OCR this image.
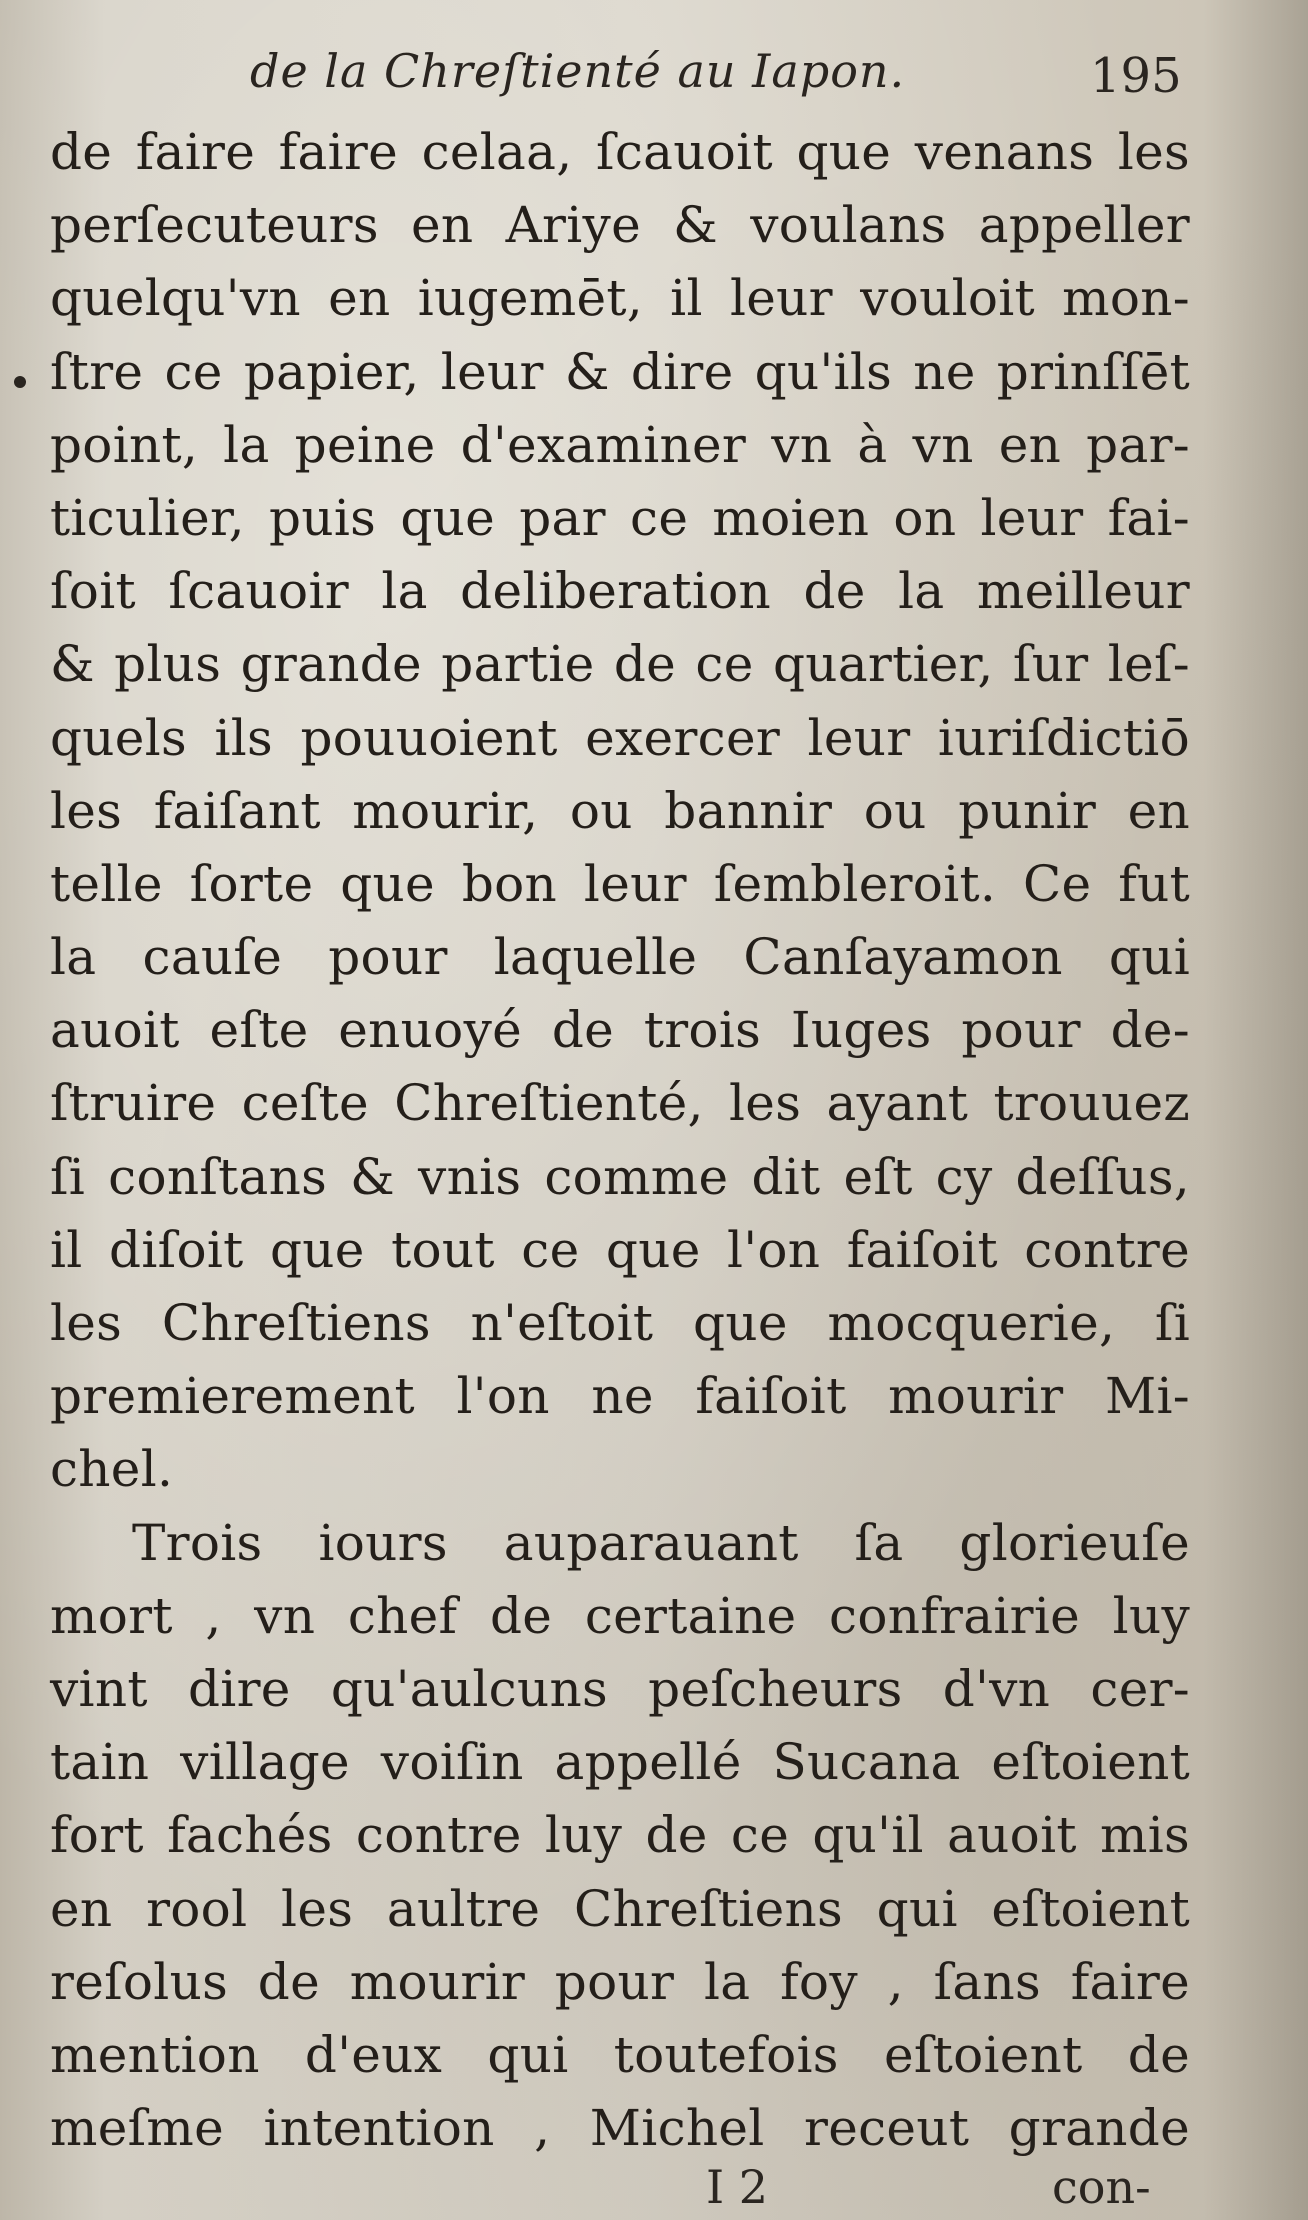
de la Chreſtienté au Iapon.	195
de faire faire celaa, ſcauoit que venans les
perſecuteurs en Ariye & voulans appeller
quelqu'vn en iugemēt, il leur vouloit mon-
ſtre ce papier, leur & dire qu'ils ne prinſſēt
point, la peine d'examiner vn à vn en par-
ticulier, puis que par ce moien on leur fai-
ſoit ſcauoir la deliberation de la meilleur
& plus grande partie de ce quartier, ſur leſ-
quels ils pouuoient exercer leur iuriſdictiō
les faiſant mourir, ou bannir ou punir en
telle ſorte que bon leur ſembleroit. Ce fut
la cauſe pour laquelle Canſayamon qui
auoit eſte enuoyé de trois Iuges pour de-
ſtruire ceſte Chreſtienté, les ayant trouuez
ſi conſtans & vnis comme dit eſt cy deſſus,
il diſoit que tout ce que l'on faiſoit contre
les Chreſtiens n'eſtoit que mocquerie, ſi
premierement l'on ne faiſoit mourir Mi-
chel.
Trois iours auparauant ſa glorieuſe
mort , vn chef de certaine confrairie luy
vint dire qu'aulcuns peſcheurs d'vn cer-
tain village voiſin appellé Sucana eſtoient
fort fachés contre luy de ce qu'il auoit mis
en rool les aultre Chreſtiens qui eſtoient
reſolus de mourir pour la foy , ſans faire
mention d'eux qui toutefois eſtoient de
meſme intention , Michel receut grande
I 2	con-
